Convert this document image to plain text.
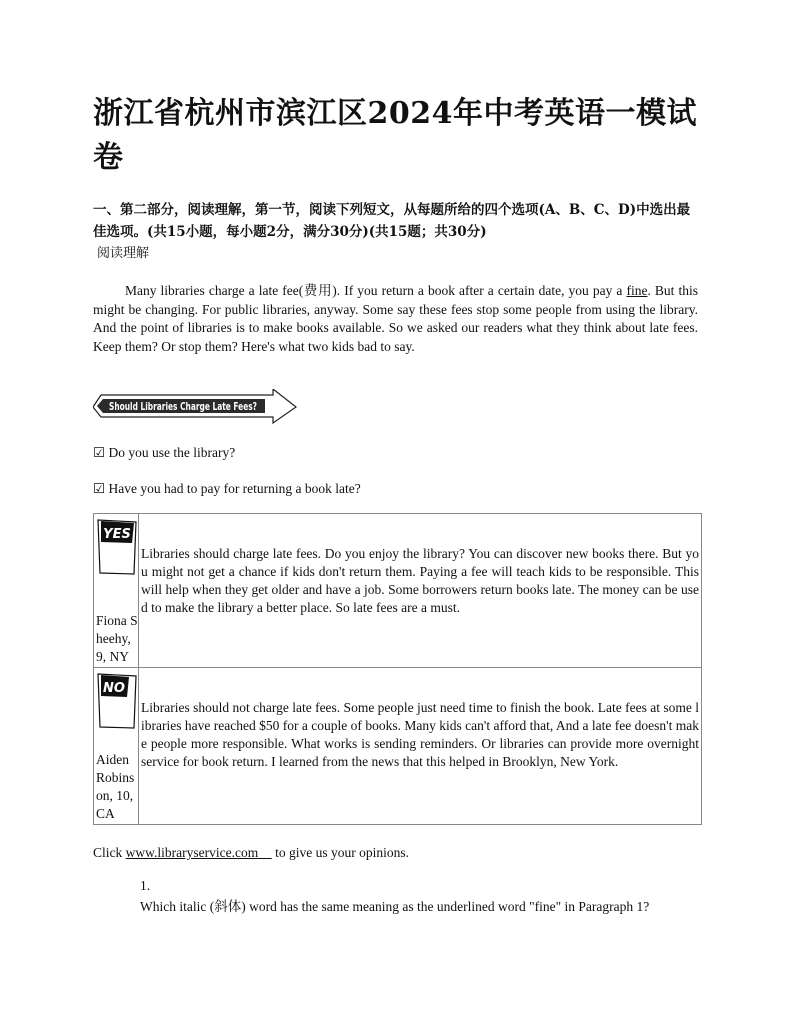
浙江省杭州市滨江区2024年中考英语一模试卷
一、第二部分，阅读理解，第一节，阅读下列短文，从每题所给的四个选项(A、B、C、D)中选出最佳选项。(共15小题，每小题2分，满分30分)(共15题；共30分)
阅读理解
Many libraries charge a late fee(费用). If you return a book after a certain date, you pay a fine. But this might be changing. For public libraries, anyway. Some say these fees stop some people from using the library. And the point of libraries is to make books available. So we asked our readers what they think about late fees. Keep them? Or stop them? Here's what two kids bad to say.
Should Libraries Charge Late Fees?
☑ Do you use the library?
☑ Have you had to pay for returning a book late?
YES
Fiona Sheehy, 9, NY	Libraries should charge late fees. Do you enjoy the library? You can discover new books there. But you might not get a chance if kids don't return them. Paying a fee will teach kids to be responsible. This will help when they get older and have a job. Some borrowers return books late. The money can be used to make the library a better place. So late fees are a must.

NO
Aiden Robinson, 10, CA	Libraries should not charge late fees. Some people just need time to finish the book. Late fees at some libraries have reached $50 for a couple of books. Many kids can't afford that, And a late fee doesn't make people more responsible. What works is sending reminders. Or libraries can provide more overnight service for book return. I learned from the news that this helped in Brooklyn, New York.
Click www.libraryservice.com     to give us your opinions.
1.
Which italic (斜体) word has the same meaning as the underlined word "fine" in Paragraph 1?
